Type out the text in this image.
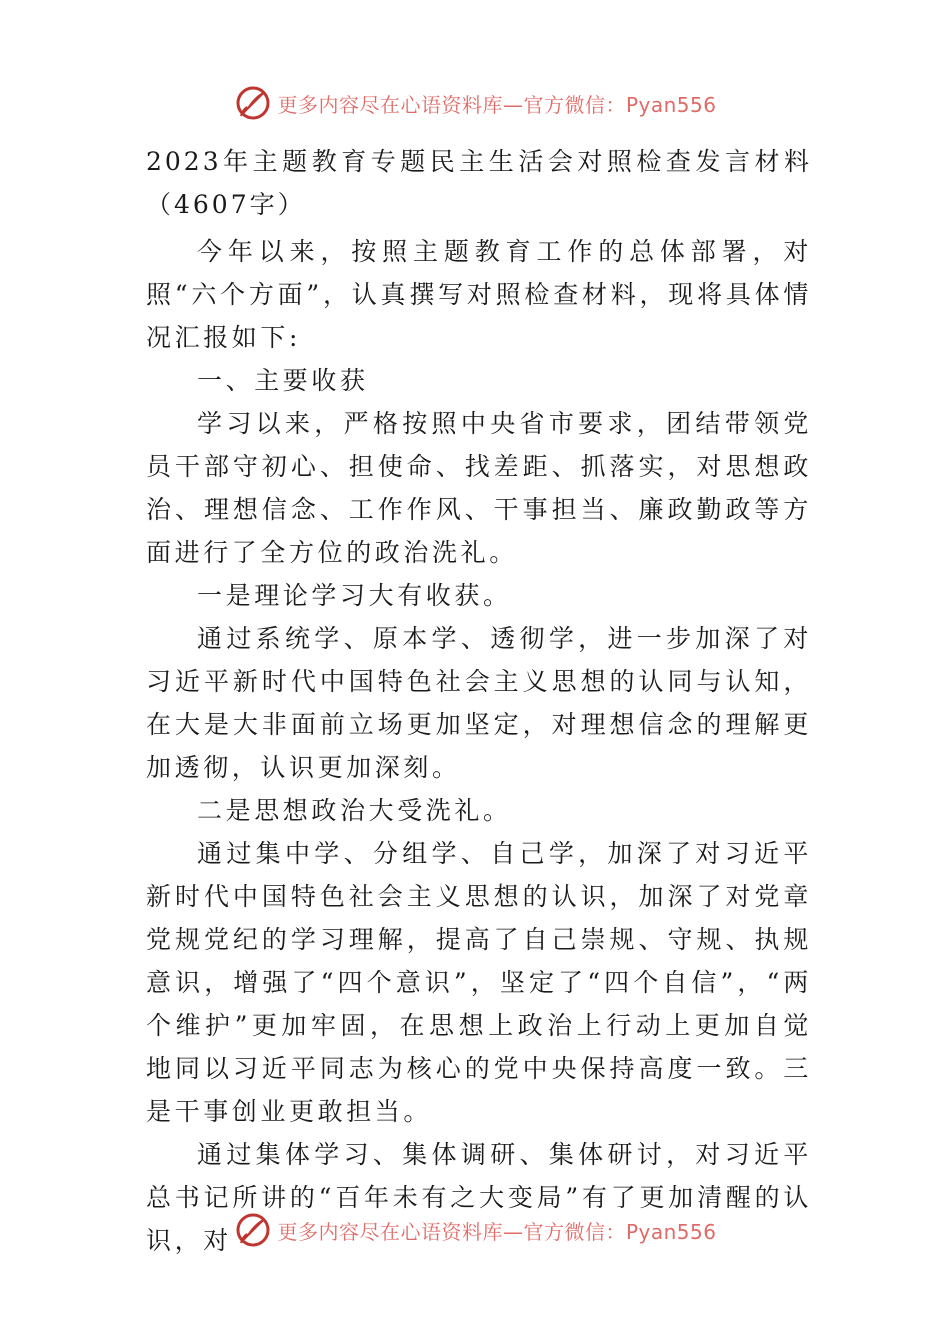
更多内容尽在心语资料库—官方微信：Pyan556

2023年主题教育专题民主生活会对照检查发言材料（4607字）

今年以来，按照主题教育工作的总体部署，对照“六个方面”，认真撰写对照检查材料，现将具体情况汇报如下:

一、主要收获

学习以来，严格按照中央省市要求，团结带领党员干部守初心、担使命、找差距、抓落实，对思想政治、理想信念、工作作风、干事担当、廉政勤政等方面进行了全方位的政治洗礼。

一是理论学习大有收获。

通过系统学、原本学、透彻学，进一步加深了对习近平新时代中国特色社会主义思想的认同与认知，在大是大非面前立场更加坚定，对理想信念的理解更加透彻，认识更加深刻。

二是思想政治大受洗礼。

通过集中学、分组学、自己学，加深了对习近平新时代中国特色社会主义思想的认识，加深了对党章党规党纪的学习理解，提高了自己崇规、守规、执规意识，增强了“四个意识”，坚定了“四个自信”，“两个维护”更加牢固，在思想上政治上行动上更加自觉地同以习近平同志为核心的党中央保持高度一致。三是干事创业更敢担当。

通过集体学习、集体调研、集体研讨，对习近平总书记所讲的“百年未有之大变局”有了更加清醒的认识，对	更多内容尽在心语资料库—官方微信：Pyan556
